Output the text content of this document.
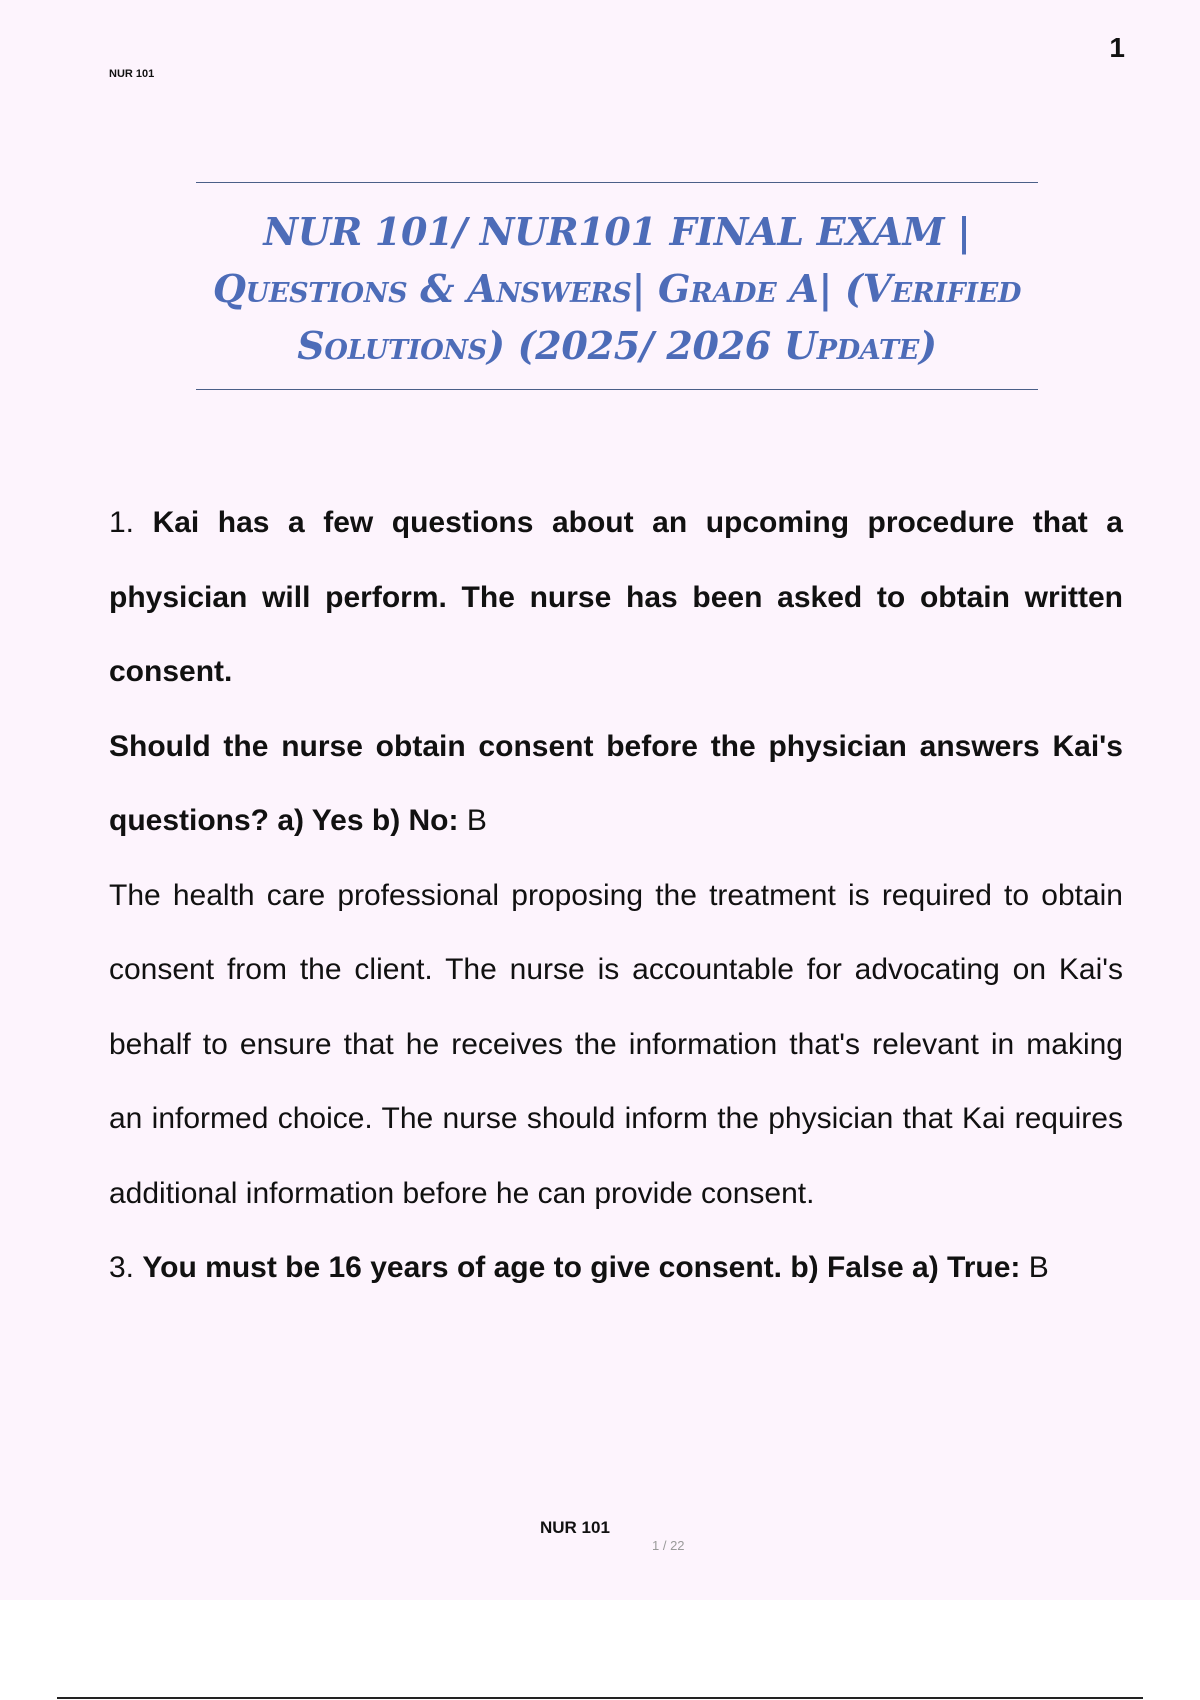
NUR 101
1
NUR 101/ NUR101 FINAL EXAM |
Questions & Answers| Grade A| (Verified
Solutions) (2025/ 2026 Update)

1. Kai has a few questions about an upcoming procedure that a physician will perform. The nurse has been asked to obtain written consent.

Should the nurse obtain consent before the physician answers Kai's questions? a) Yes b) No: B

The health care professional proposing the treatment is required to obtain consent from the client. The nurse is accountable for advocating on Kai's behalf to ensure that he receives the information that's relevant in making an informed choice. The nurse should inform the physician that Kai requires additional information before he can provide consent.

3. You must be 16 years of age to give consent. b) False a) True: B

NUR 101
1 / 22
